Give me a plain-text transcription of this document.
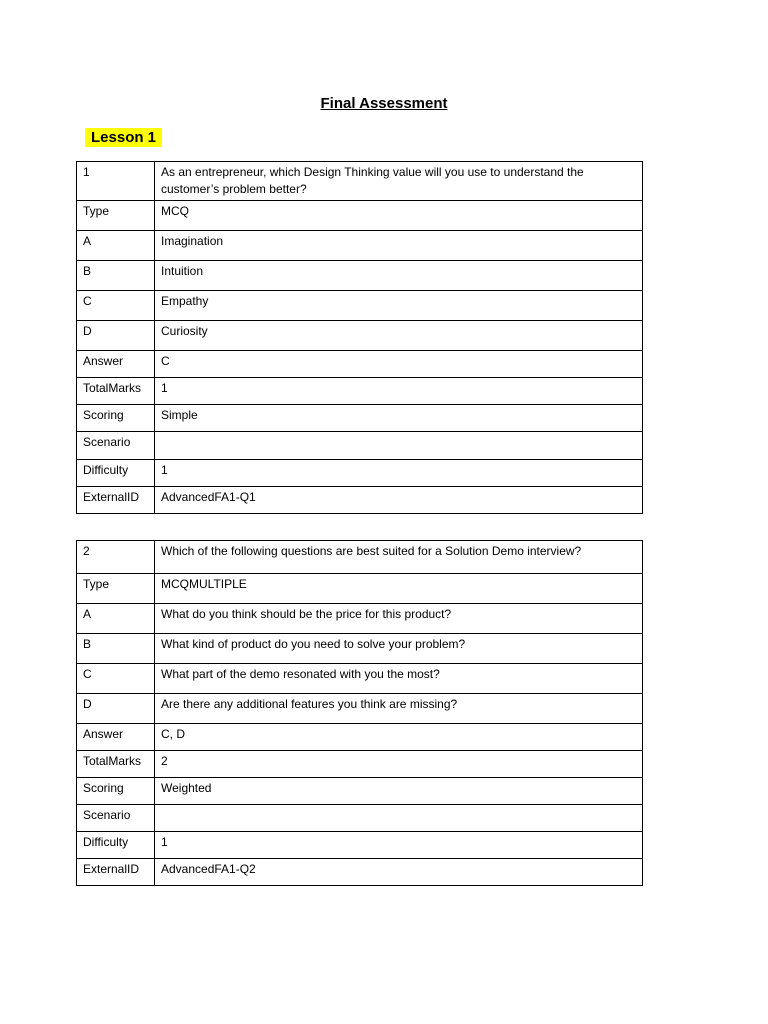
Final Assessment
Lesson 1
1	As an entrepreneur, which Design Thinking value will you use to understand the customer’s problem better?
Type	MCQ
A	Imagination
B	Intuition
C	Empathy
D	Curiosity
Answer	C
TotalMarks	1
Scoring	Simple
Scenario	
Difficulty	1
ExternalID	AdvancedFA1-Q1
2	Which of the following questions are best suited for a Solution Demo interview?
Type	MCQMULTIPLE
A	What do you think should be the price for this product?
B	What kind of product do you need to solve your problem?
C	What part of the demo resonated with you the most?
D	Are there any additional features you think are missing?
Answer	C, D
TotalMarks	2
Scoring	Weighted
Scenario	
Difficulty	1
ExternalID	AdvancedFA1-Q2
